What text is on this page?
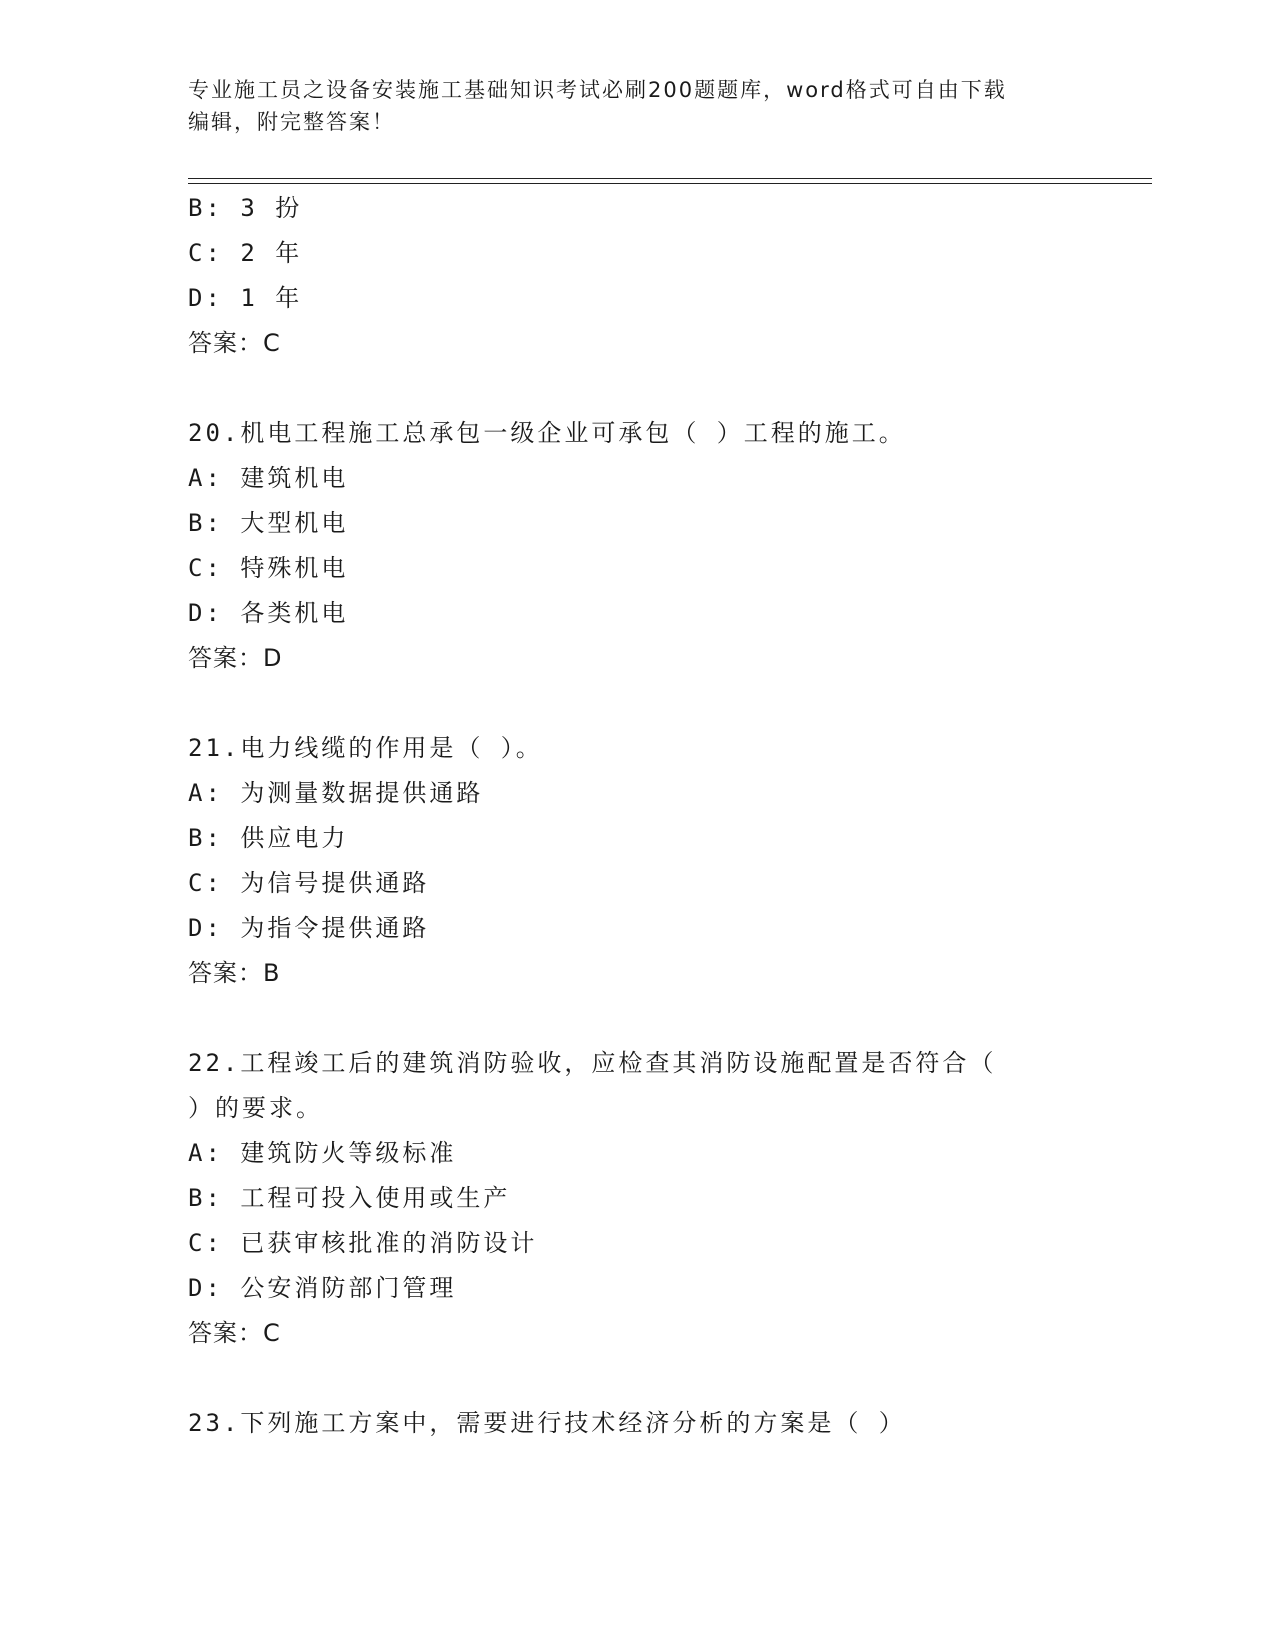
专业施工员之设备安装施工基础知识考试必刷200题题库，word格式可自由下载
编辑，附完整答案！
B: 3 扮
C: 2 年
D: 1 年
答案：C
20.机电工程施工总承包一级企业可承包（ ）工程的施工。
A: 建筑机电
B: 大型机电
C: 特殊机电
D: 各类机电
答案：D
21.电力线缆的作用是（ ）。
A: 为测量数据提供通路
B: 供应电力
C: 为信号提供通路
D: 为指令提供通路
答案：B
22.工程竣工后的建筑消防验收，应检查其消防设施配置是否符合（
）的要求。
A: 建筑防火等级标准
B: 工程可投入使用或生产
C: 已获审核批准的消防设计
D: 公安消防部门管理
答案：C
23.下列施工方案中，需要进行技术经济分析的方案是（ ）
